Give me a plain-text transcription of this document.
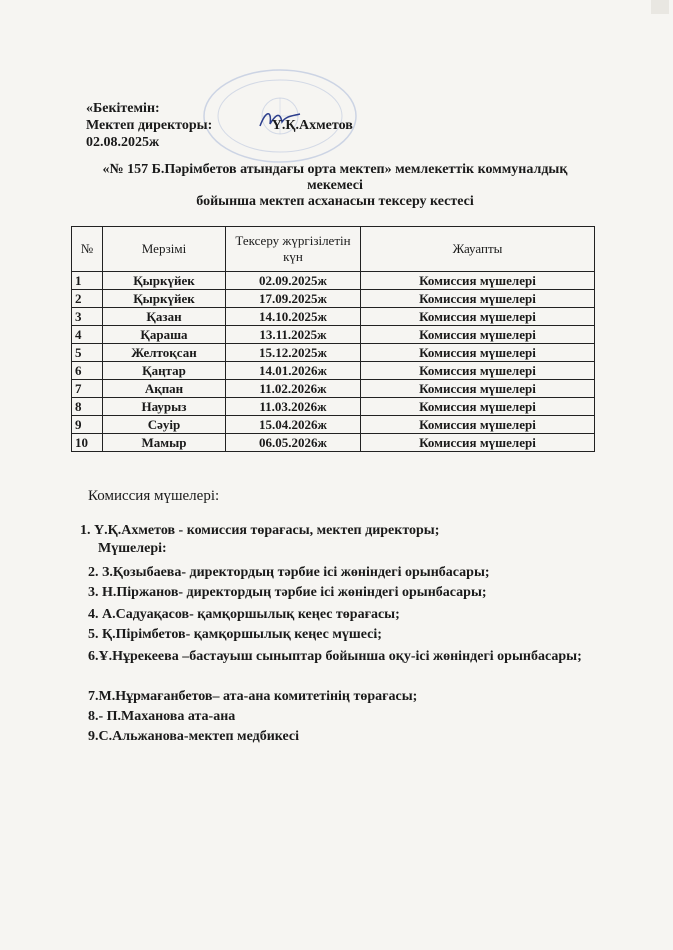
«Бекітемін:
Мектеп директоры:	Ү.Қ.Ахметов
02.08.2025ж
«№ 157 Б.Пәрімбетов атындағы орта мектеп» мемлекеттік коммуналдық мекемесі
бойынша мектеп асханасын тексеру кестесі
№	Мерзімі	Тексеру жүргізілетін күн	Жауапты
1	Қыркүйек	02.09.2025ж	Комиссия мүшелері
2	Қыркүйек	17.09.2025ж	Комиссия мүшелері
3	Қазан	14.10.2025ж	Комиссия мүшелері
4	Қараша	13.11.2025ж	Комиссия мүшелері
5	Желтоқсан	15.12.2025ж	Комиссия мүшелері
6	Қаңтар	14.01.2026ж	Комиссия мүшелері
7	Ақпан	11.02.2026ж	Комиссия мүшелері
8	Наурыз	11.03.2026ж	Комиссия мүшелері
9	Сәуір	15.04.2026ж	Комиссия мүшелері
10	Мамыр	06.05.2026ж	Комиссия мүшелері
Комиссия мүшелері:
1. Ү.Қ.Ахметов - комиссия төрағасы, мектеп директоры;
Мүшелері:
2. З.Қозыбаева- директордың тәрбие ісі жөніндегі орынбасары;
3. Н.Піржанов- директордың тәрбие ісі жөніндегі орынбасары;
4. А.Садуақасов- қамқоршылық кеңес төрағасы;
5. Қ.Пірімбетов- қамқоршылық кеңес мүшесі;
6.Ұ.Нұрекеева –бастауыш сыныптар бойынша оқу-ісі жөніндегі орынбасары;
7.М.Нұрмағанбетов– ата-ана комитетінің төрағасы;
8.- П.Маханова ата-ана
9.С.Альжанова-мектеп медбикесі
